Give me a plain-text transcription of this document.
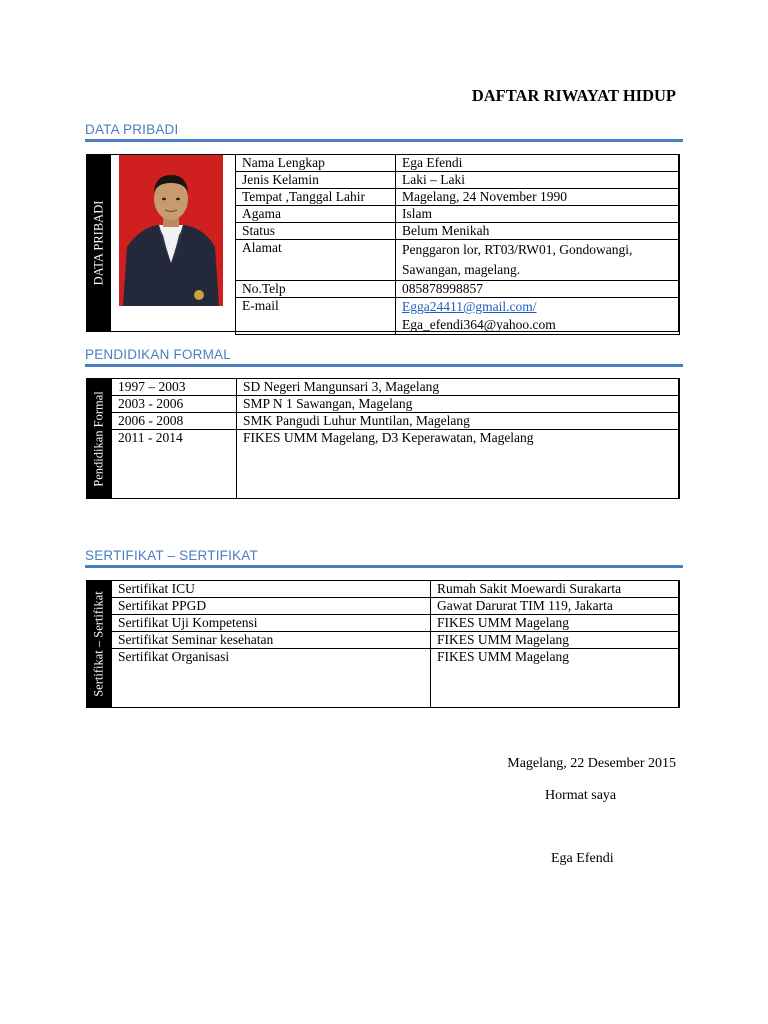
DAFTAR RIWAYAT HIDUP
DATA PRIBADI
DATA PRIBADI
Nama Lengkap	Ega Efendi
Jenis Kelamin	Laki – Laki
Tempat ,Tanggal Lahir	Magelang, 24 November 1990
Agama	Islam
Status	Belum Menikah
Alamat	Penggaron lor, RT03/RW01, Gondowangi,
Sawangan, magelang.

No.Telp	085878998857
E-mail	Egga24411@gmail.com/
Ega_efendi364@yahoo.com
PENDIDIKAN FORMAL
Pendidikan Formal
1997 – 2003	SD Negeri Mangunsari 3, Magelang
2003 - 2006	SMP N 1 Sawangan, Magelang
2006 - 2008	SMK Pangudi Luhur Muntilan, Magelang
2011 - 2014	FIKES UMM Magelang, D3 Keperawatan, Magelang
SERTIFIKAT – SERTIFIKAT
Sertifikat – Sertifikat
Sertifikat ICU	Rumah Sakit Moewardi Surakarta
Sertifikat PPGD	Gawat Darurat TIM 119, Jakarta
Sertifikat Uji Kompetensi	FIKES UMM Magelang
Sertifikat Seminar kesehatan	FIKES UMM Magelang
Sertifikat Organisasi	FIKES UMM Magelang
Magelang, 22 Desember 2015
Hormat saya
Ega Efendi
